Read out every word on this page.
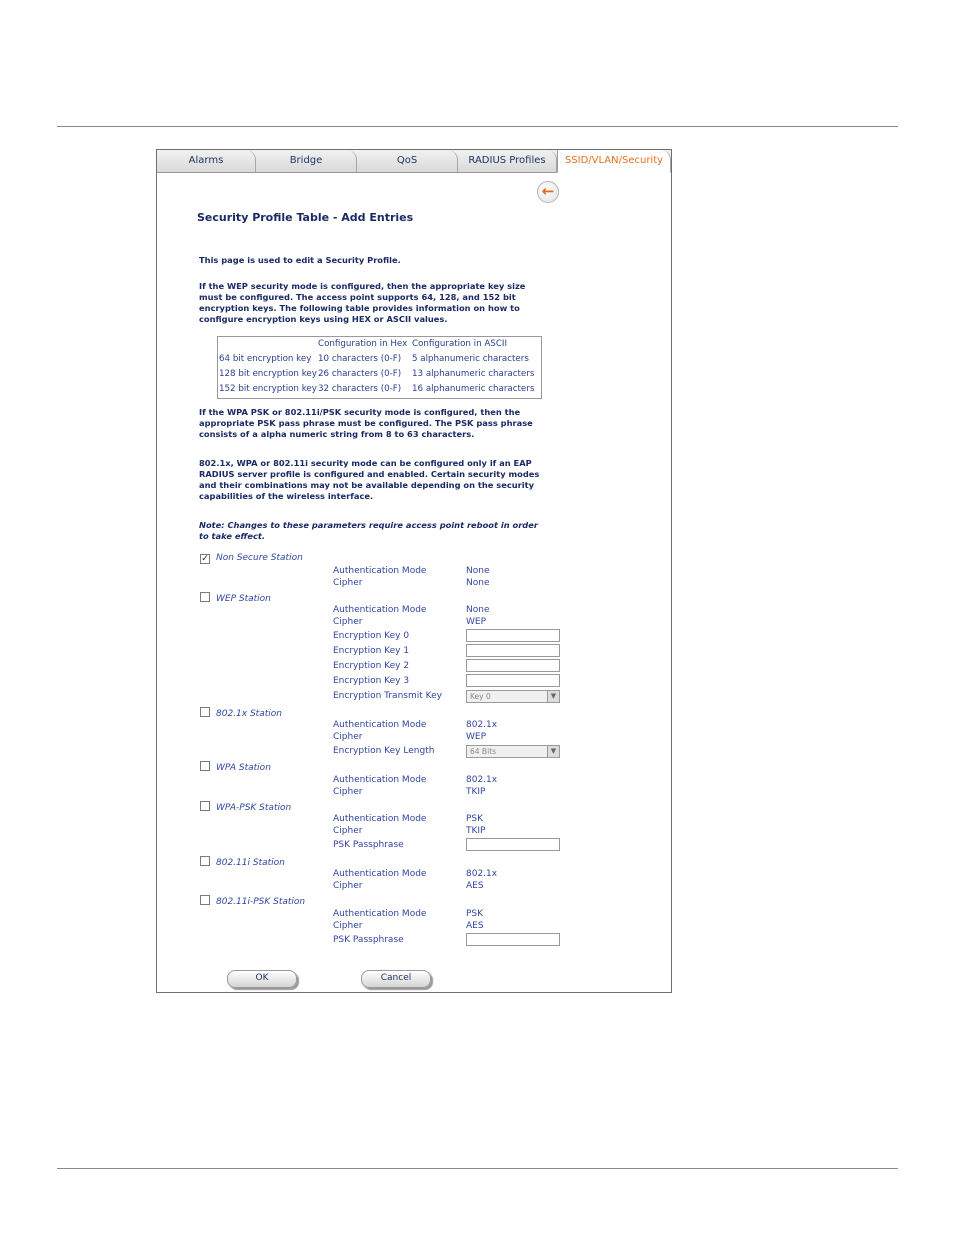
Alarms	Bridge	QoS	RADIUS Profiles	SSID/VLAN/Security
←
Security Profile Table - Add Entries
This page is used to edit a Security Profile.
If the WEP security mode is configured, then the appropriate key size must be configured. The access point supports 64, 128, and 152 bit encryption keys. The following table provides information on how to configure encryption keys using HEX or ASCII values.
Configuration in Hex Configuration in ASCII
64 bit encryption key 10 characters (0-F) 5 alphanumeric characters
128 bit encryption key 26 characters (0-F) 13 alphanumeric characters
152 bit encryption key 32 characters (0-F) 16 alphanumeric characters
If the WPA PSK or 802.11i/PSK security mode is configured, then the appropriate PSK pass phrase must be configured. The PSK pass phrase consists of a alpha numeric string from 8 to 63 characters.
802.1x, WPA or 802.11i security mode can be configured only if an EAP RADIUS server profile is configured and enabled. Certain security modes and their combinations may not be available depending on the security capabilities of the wireless interface.
Note: Changes to these parameters require access point reboot in order to take effect.
✓ Non Secure Station
Authentication Mode	None
Cipher	None
WEP Station
Authentication Mode	None
Cipher	WEP
Encryption Key 0
Encryption Key 1
Encryption Key 2
Encryption Key 3
Encryption Transmit Key	Key 0	▼
802.1x Station
Authentication Mode	802.1x
Cipher	WEP
Encryption Key Length	64 Bits	▼
WPA Station
Authentication Mode	802.1x
Cipher	TKIP
WPA-PSK Station
Authentication Mode	PSK
Cipher	TKIP
PSK Passphrase
802.11i Station
Authentication Mode	802.1x
Cipher	AES
802.11i-PSK Station
Authentication Mode	PSK
Cipher	AES
PSK Passphrase
OK	Cancel
